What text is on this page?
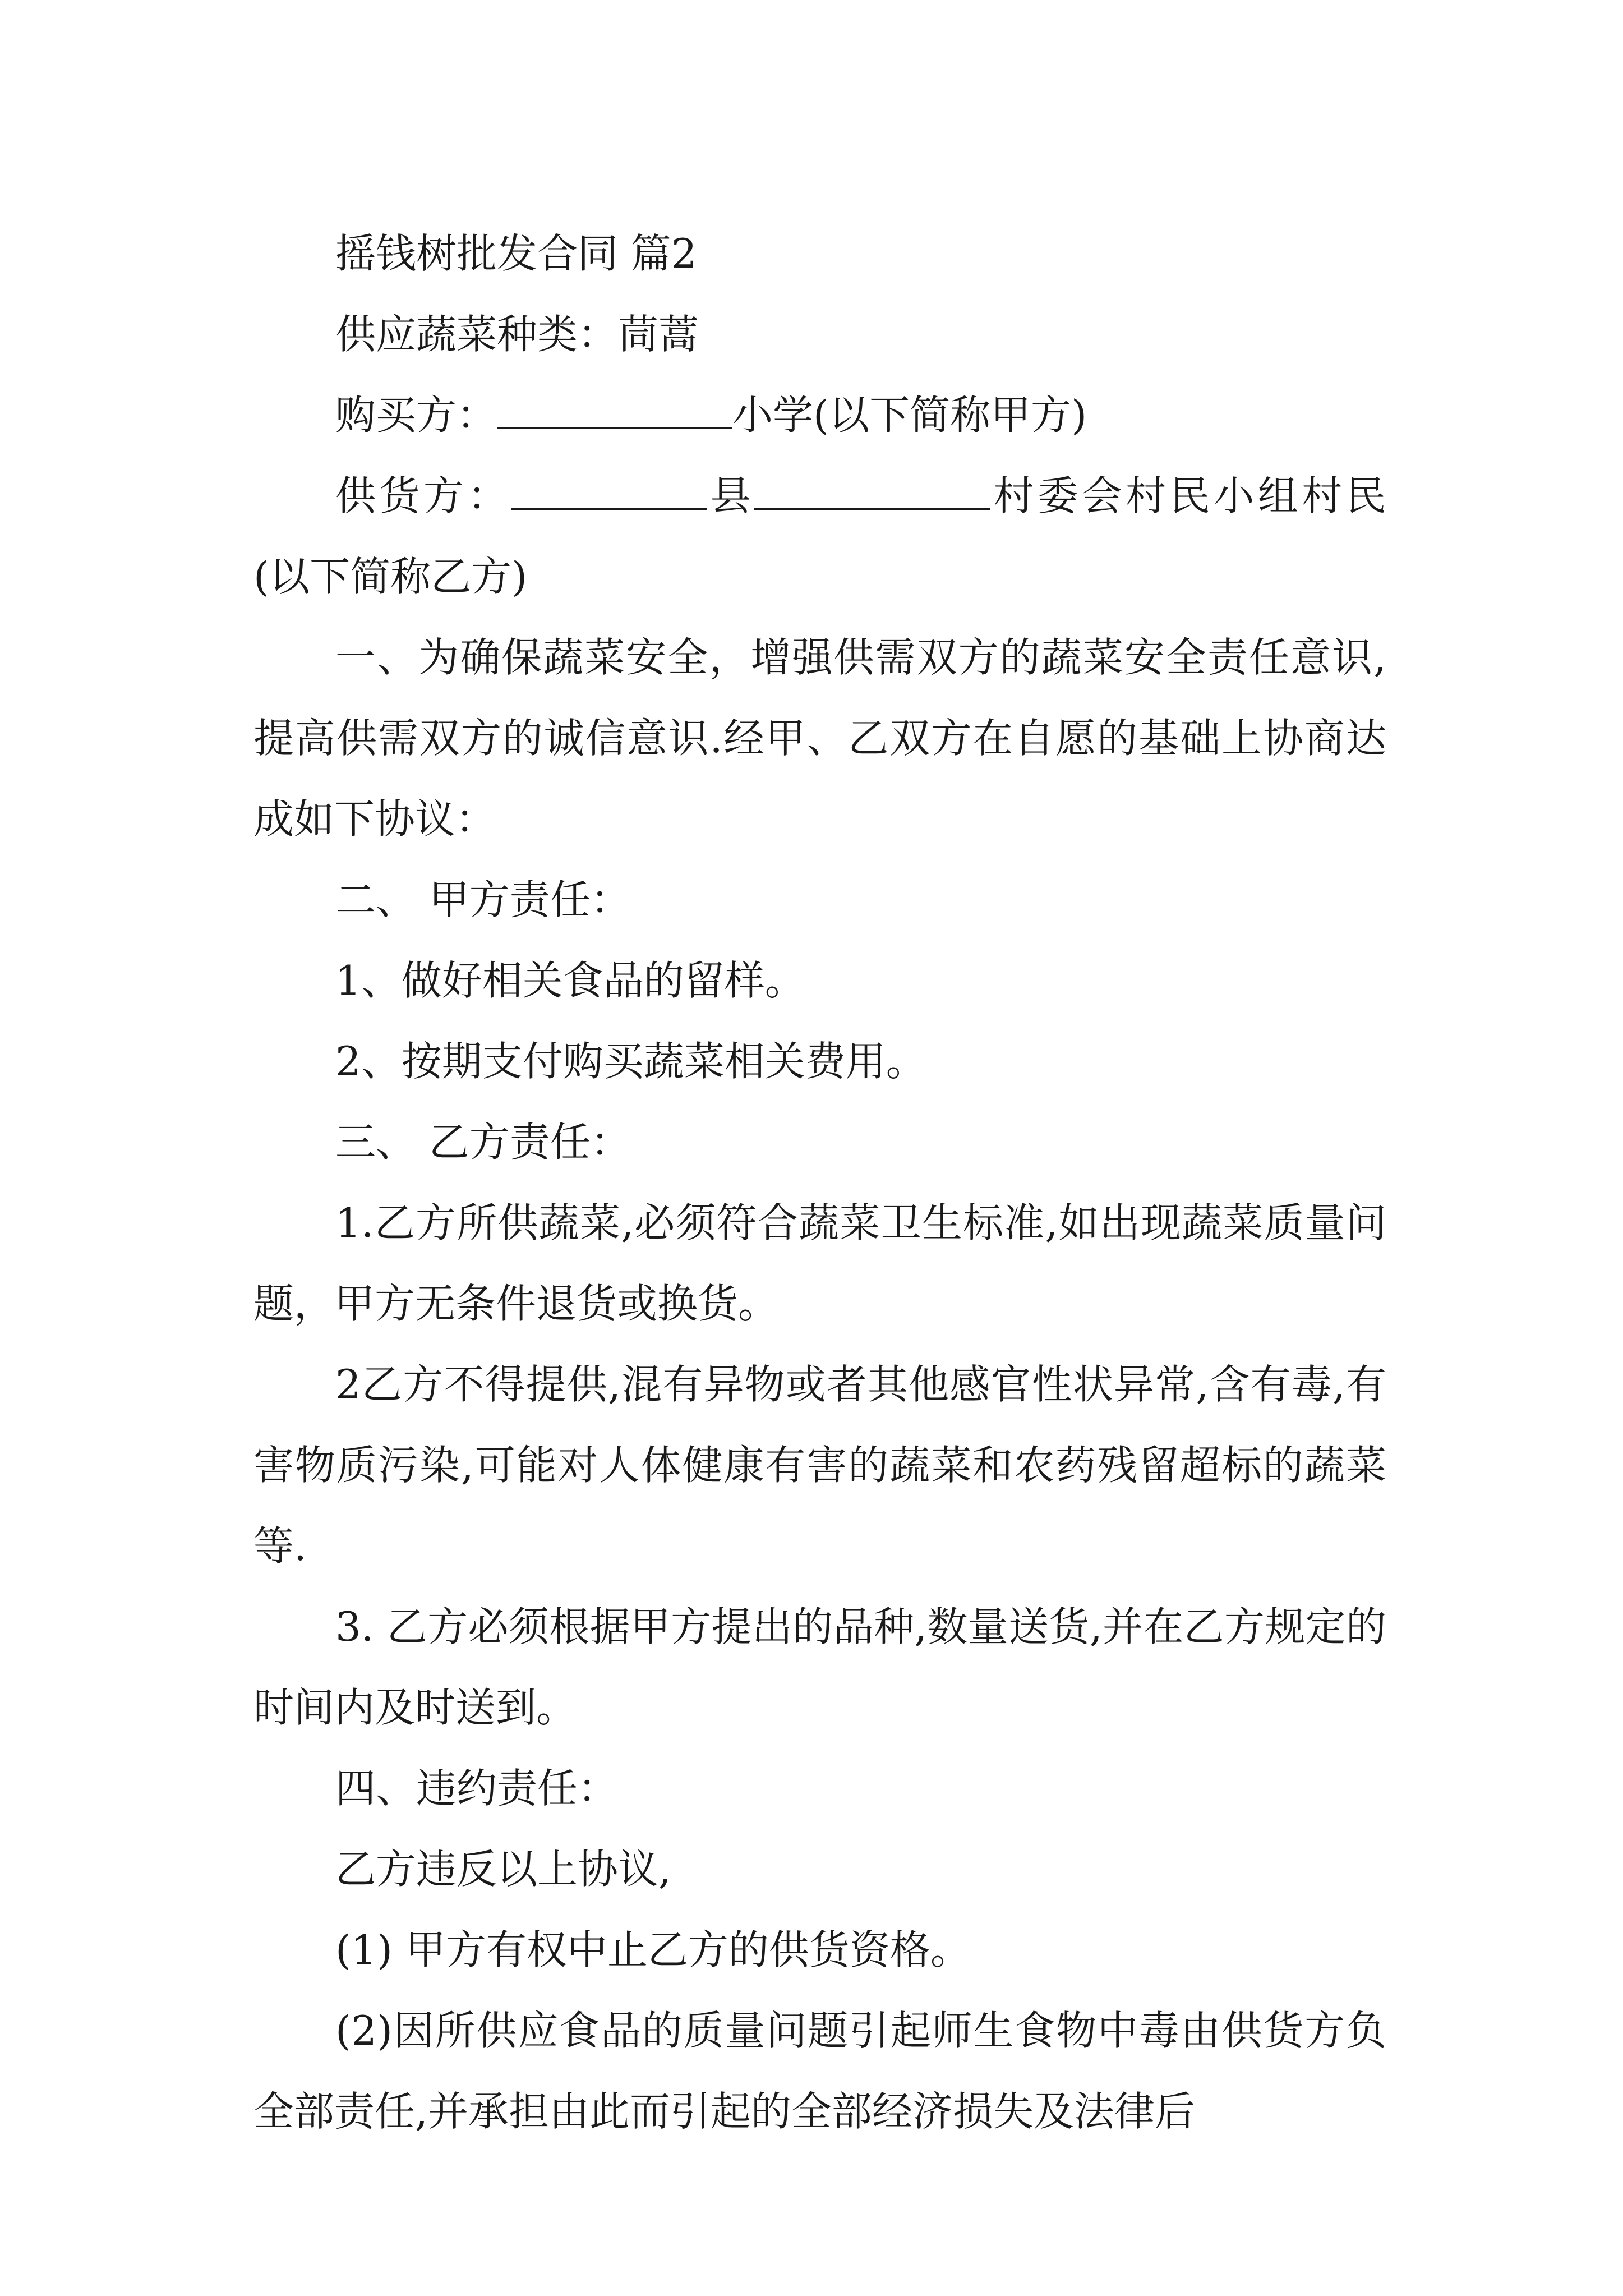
摇钱树批发合同 篇2

供应蔬菜种类：茼蒿

购买方：	小学(以下简称甲方)

供货方：	县	村委会村民小组村民(以下简称乙方)

一、为确保蔬菜安全，增强供需双方的蔬菜安全责任意识,提高供需双方的诚信意识.经甲、乙双方在自愿的基础上协商达成如下协议：

二、 甲方责任：

1、做好相关食品的留样。

2、按期支付购买蔬菜相关费用。

三、 乙方责任：

1.乙方所供蔬菜,必须符合蔬菜卫生标准,如出现蔬菜质量问题，甲方无条件退货或换货。

2乙方不得提供,混有异物或者其他感官性状异常,含有毒,有害物质污染,可能对人体健康有害的蔬菜和农药残留超标的蔬菜等.

3. 乙方必须根据甲方提出的品种,数量送货,并在乙方规定的时间内及时送到。

四、违约责任：

乙方违反以上协议,

(1) 甲方有权中止乙方的供货资格。

(2)因所供应食品的质量问题引起师生食物中毒由供货方负全部责任,并承担由此而引起的全部经济损失及法律后
